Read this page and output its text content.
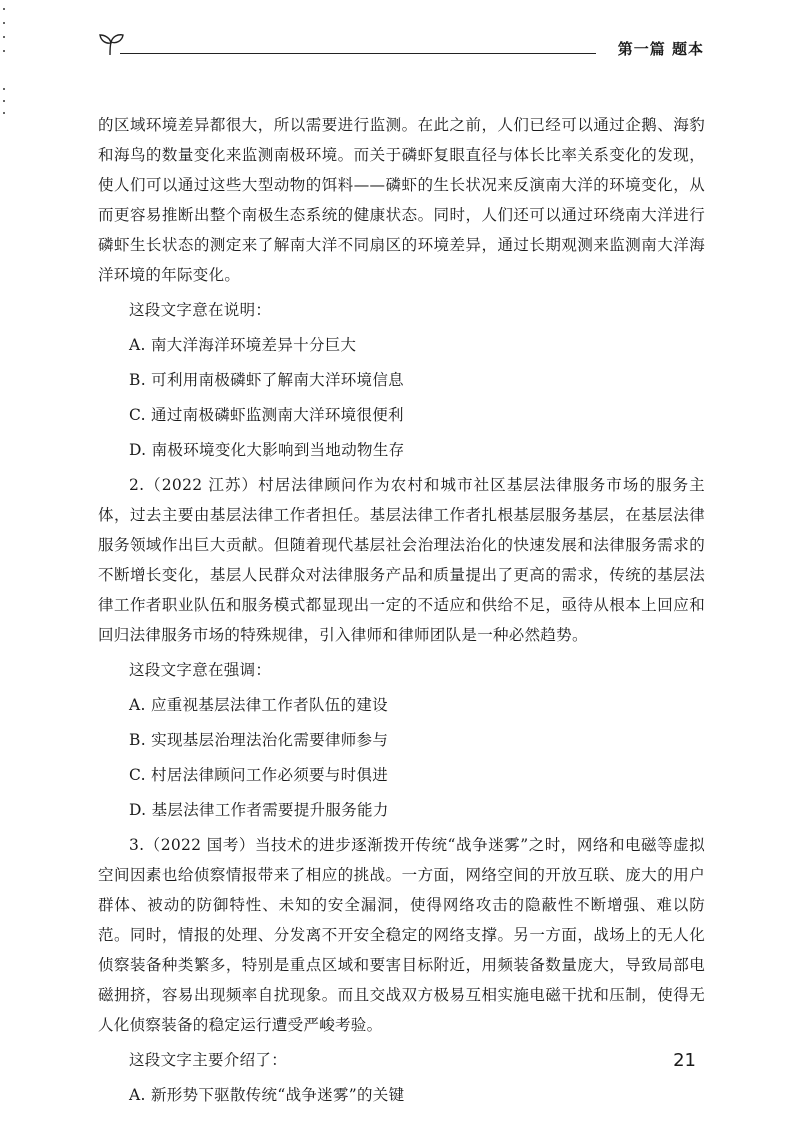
第一篇 题本

的区域环境差异都很大，所以需要进行监测。在此之前，人们已经可以通过企鹅、海豹和海鸟的数量变化来监测南极环境。而关于磷虾复眼直径与体长比率关系变化的发现，使人们可以通过这些大型动物的饵料——磷虾的生长状况来反演南大洋的环境变化，从而更容易推断出整个南极生态系统的健康状态。同时，人们还可以通过环绕南大洋进行磷虾生长状态的测定来了解南大洋不同扇区的环境差异，通过长期观测来监测南大洋海洋环境的年际变化。

这段文字意在说明：

A. 南大洋海洋环境差异十分巨大

B. 可利用南极磷虾了解南大洋环境信息

C. 通过南极磷虾监测南大洋环境很便利

D. 南极环境变化大影响到当地动物生存

2.（2022 江苏）村居法律顾问作为农村和城市社区基层法律服务市场的服务主体，过去主要由基层法律工作者担任。基层法律工作者扎根基层服务基层，在基层法律服务领域作出巨大贡献。但随着现代基层社会治理法治化的快速发展和法律服务需求的不断增长变化，基层人民群众对法律服务产品和质量提出了更高的需求，传统的基层法律工作者职业队伍和服务模式都显现出一定的不适应和供给不足，亟待从根本上回应和回归法律服务市场的特殊规律，引入律师和律师团队是一种必然趋势。

这段文字意在强调：

A. 应重视基层法律工作者队伍的建设

B. 实现基层治理法治化需要律师参与

C. 村居法律顾问工作必须要与时俱进

D. 基层法律工作者需要提升服务能力

3.（2022 国考）当技术的进步逐渐拨开传统“战争迷雾”之时，网络和电磁等虚拟空间因素也给侦察情报带来了相应的挑战。一方面，网络空间的开放互联、庞大的用户群体、被动的防御特性、未知的安全漏洞，使得网络攻击的隐蔽性不断增强、难以防范。同时，情报的处理、分发离不开安全稳定的网络支撑。另一方面，战场上的无人化侦察装备种类繁多，特别是重点区域和要害目标附近，用频装备数量庞大，导致局部电磁拥挤，容易出现频率自扰现象。而且交战双方极易互相实施电磁干扰和压制，使得无人化侦察装备的稳定运行遭受严峻考验。

这段文字主要介绍了：

A. 新形势下驱散传统“战争迷雾”的关键

21
